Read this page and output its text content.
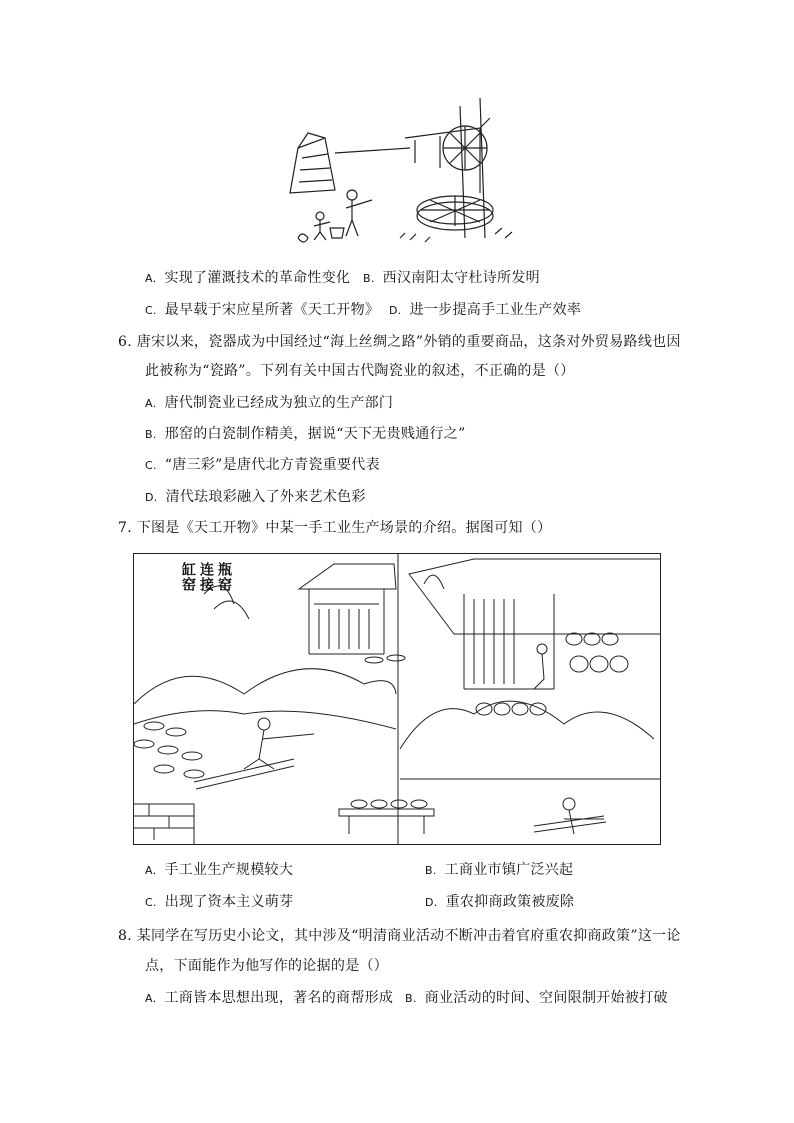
A. 实现了灌溉技术的革命性变化 B. 西汉南阳太守杜诗所发明
C. 最早载于宋应星所著《天工开物》 D. 进一步提高手工业生产效率
6. 唐宋以来，瓷器成为中国经过“海上丝绸之路”外销的重要商品，这条对外贸易路线也因
此被称为“瓷路”。下列有关中国古代陶瓷业的叙述，不正确的是（）
A. 唐代制瓷业已经成为独立的生产部门
B. 邢窑的白瓷制作精美，据说“天下无贵贱通行之”
C. “唐三彩”是唐代北方青瓷重要代表
D. 清代珐琅彩融入了外来艺术色彩
7. 下图是《天工开物》中某一手工业生产场景的介绍。据图可知（）
瓶窑
连接
缸窑
A. 手工业生产规模较大	B. 工商业市镇广泛兴起
C. 出现了资本主义萌芽	D. 重农抑商政策被废除
8. 某同学在写历史小论文，其中涉及“明清商业活动不断冲击着官府重农抑商政策”这一论
点，下面能作为他写作的论据的是（）
A. 工商皆本思想出现，著名的商帮形成 B. 商业活动的时间、空间限制开始被打破
